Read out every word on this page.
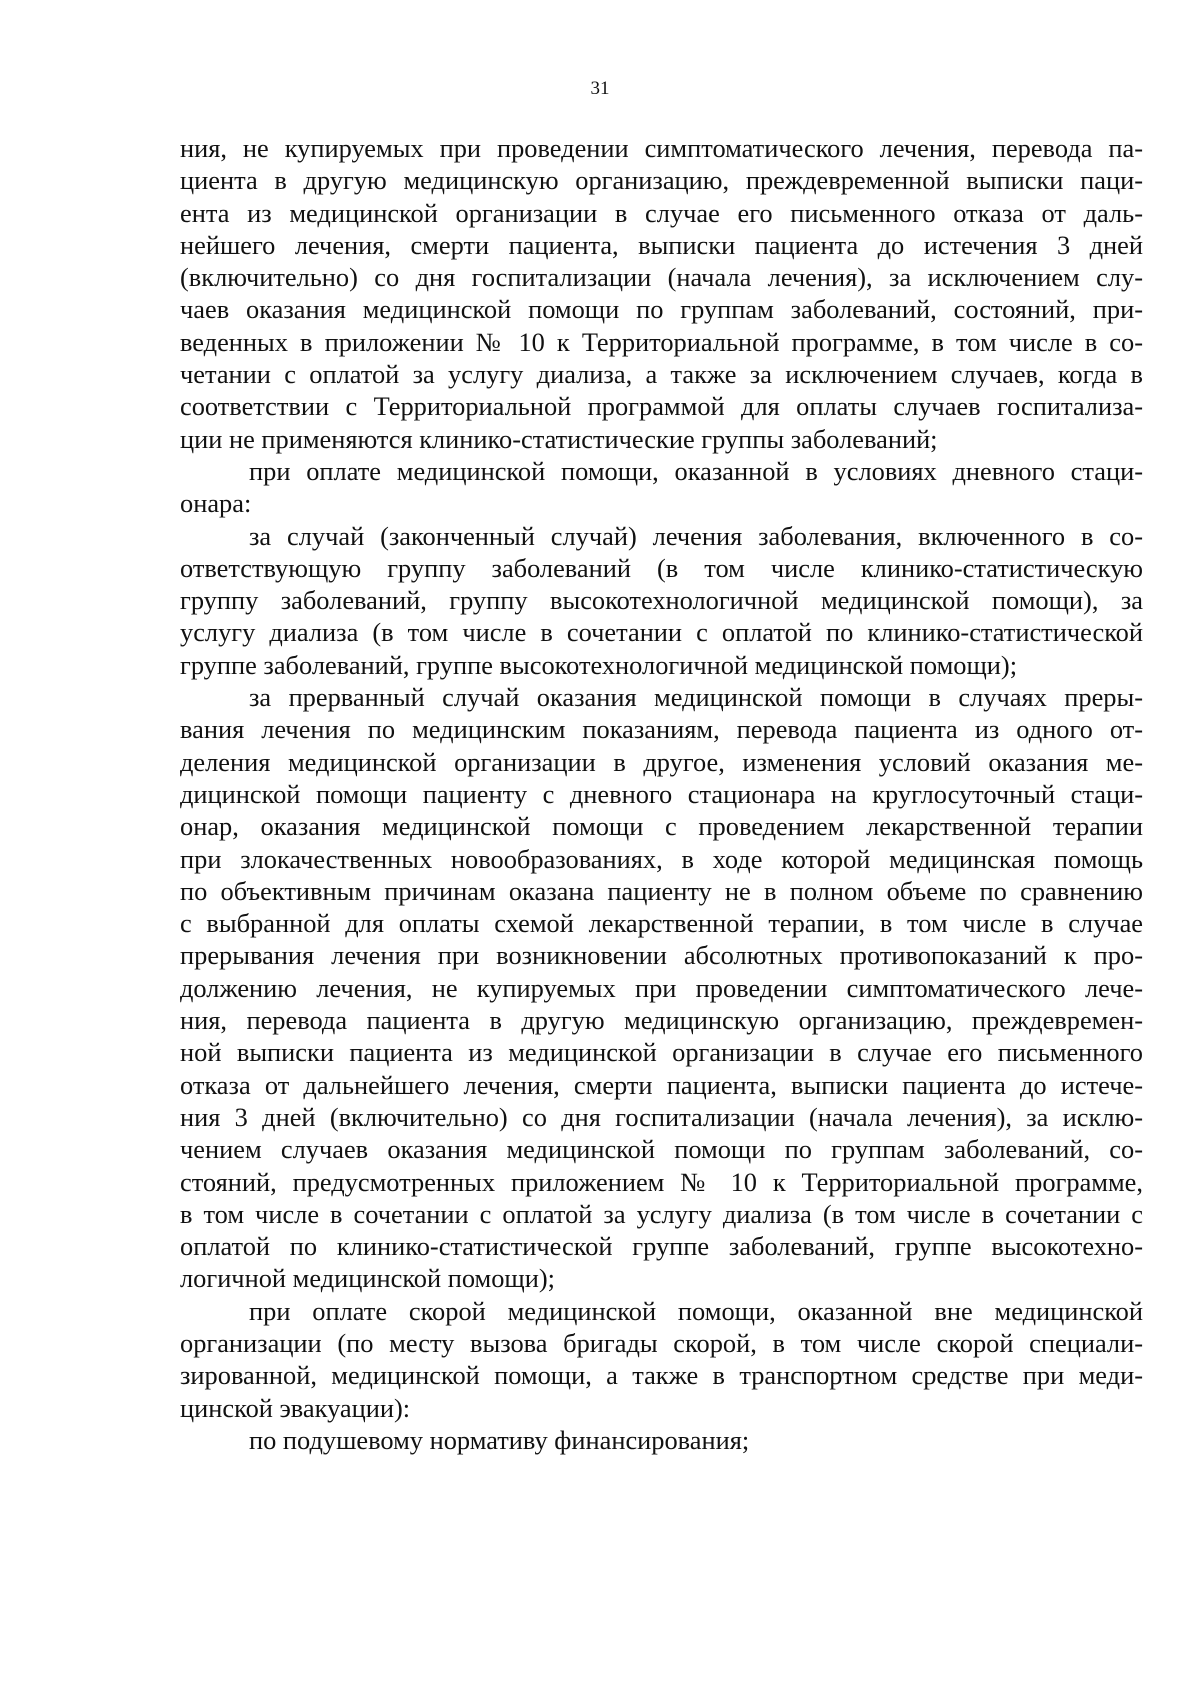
31
ния, не купируемых при проведении симптоматического лечения, перевода па-
циента в другую медицинскую организацию, преждевременной выписки паци-
ента из медицинской организации в случае его письменного отказа от даль-
нейшего лечения, смерти пациента, выписки пациента до истечения 3 дней
(включительно) со дня госпитализации (начала лечения), за исключением слу-
чаев оказания медицинской помощи по группам заболеваний, состояний, при-
веденных в приложении № 10 к Территориальной программе, в том числе в со-
четании с оплатой за услугу диализа, а также за исключением случаев, когда в
соответствии с Территориальной программой для оплаты случаев госпитализа-
ции не применяются клинико-статистические группы заболеваний;
при оплате медицинской помощи, оказанной в условиях дневного стаци-
онара:
за случай (законченный случай) лечения заболевания, включенного в со-
ответствующую группу заболеваний (в том числе клинико-статистическую
группу заболеваний, группу высокотехнологичной медицинской помощи), за
услугу диализа (в том числе в сочетании с оплатой по клинико-статистической
группе заболеваний, группе высокотехнологичной медицинской помощи);
за прерванный случай оказания медицинской помощи в случаях преры-
вания лечения по медицинским показаниям, перевода пациента из одного от-
деления медицинской организации в другое, изменения условий оказания ме-
дицинской помощи пациенту с дневного стационара на круглосуточный стаци-
онар, оказания медицинской помощи с проведением лекарственной терапии
при злокачественных новообразованиях, в ходе которой медицинская помощь
по объективным причинам оказана пациенту не в полном объеме по сравнению
с выбранной для оплаты схемой лекарственной терапии, в том числе в случае
прерывания лечения при возникновении абсолютных противопоказаний к про-
должению лечения, не купируемых при проведении симптоматического лече-
ния, перевода пациента в другую медицинскую организацию, преждевремен-
ной выписки пациента из медицинской организации в случае его письменного
отказа от дальнейшего лечения, смерти пациента, выписки пациента до истече-
ния 3 дней (включительно) со дня госпитализации (начала лечения), за исклю-
чением случаев оказания медицинской помощи по группам заболеваний, со-
стояний, предусмотренных приложением № 10 к Территориальной программе,
в том числе в сочетании с оплатой за услугу диализа (в том числе в сочетании с
оплатой по клинико-статистической группе заболеваний, группе высокотехно-
логичной медицинской помощи);
при оплате скорой медицинской помощи, оказанной вне медицинской
организации (по месту вызова бригады скорой, в том числе скорой специали-
зированной, медицинской помощи, а также в транспортном средстве при меди-
цинской эвакуации):
по подушевому нормативу финансирования;
